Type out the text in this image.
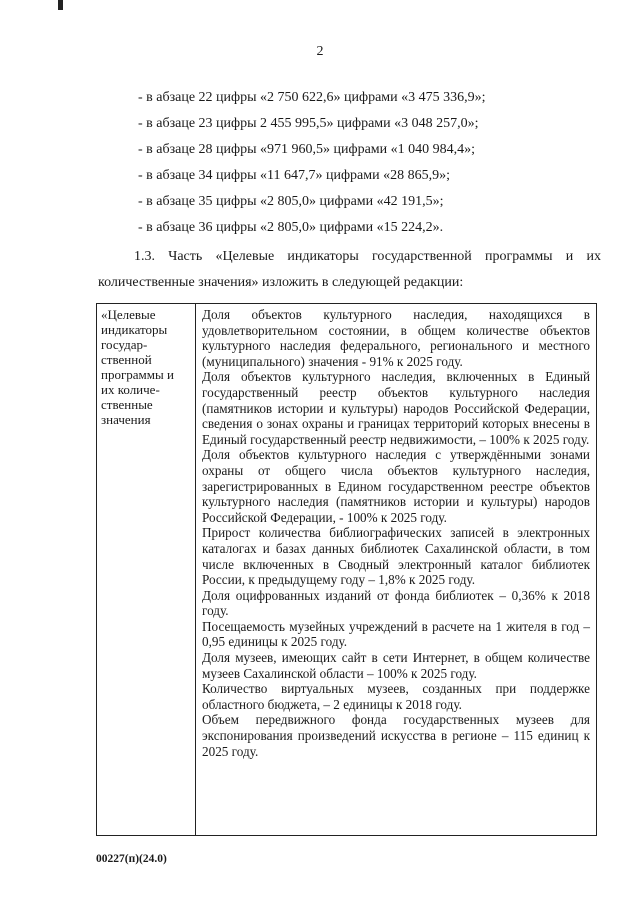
2
- в абзаце 22 цифры «2 750 622,6» цифрами «3 475 336,9»;
- в абзаце 23 цифры 2 455 995,5» цифрами «3 048 257,0»;
- в абзаце 28 цифры «971 960,5» цифрами «1 040 984,4»;
- в абзаце 34 цифры «11 647,7» цифрами «28 865,9»;
- в абзаце 35 цифры «2 805,0» цифрами «42 191,5»;
- в абзаце 36 цифры «2 805,0» цифрами «15 224,2».
1.3. Часть «Целевые индикаторы государственной программы и их количественные значения» изложить в следующей редакции:
«Целевые
индикаторы
государ-
ственной
программы и
их количе-
ственные
значения

Доля объектов культурного наследия, находящихся в удовлетворительном состоянии, в общем количестве объектов культурного наследия федерального, регионального и местного (муниципального) значения - 91% к 2025 году.

Доля объектов культурного наследия, включенных в Единый государственный реестр объектов культурного наследия (памятников истории и культуры) народов Российской Федерации, сведения о зонах охраны и границах территорий которых внесены в Единый государственный реестр недвижимости, – 100% к 2025 году.

Доля объектов культурного наследия с утверждёнными зонами охраны от общего числа объектов культурного наследия, зарегистрированных в Едином государственном реестре объектов культурного наследия (памятников истории и культуры) народов Российской Федерации, - 100% к 2025 году.

Прирост количества библиографических записей в электронных каталогах и базах данных библиотек Сахалинской области, в том числе включенных в Сводный электронный каталог библиотек России, к предыдущему году – 1,8% к 2025 году.

Доля оцифрованных изданий от фонда библиотек – 0,36% к 2018 году.

Посещаемость музейных учреждений в расчете на 1 жителя в год – 0,95 единицы к 2025 году.

Доля музеев, имеющих сайт в сети Интернет, в общем количестве музеев Сахалинской области – 100% к 2025 году.

Количество виртуальных музеев, созданных при поддержке областного бюджета, – 2 единицы к 2018 году.

Объем передвижного фонда государственных музеев для экспонирования произведений искусства в регионе – 115 единиц к 2025 году.

00227(п)(24.0)
